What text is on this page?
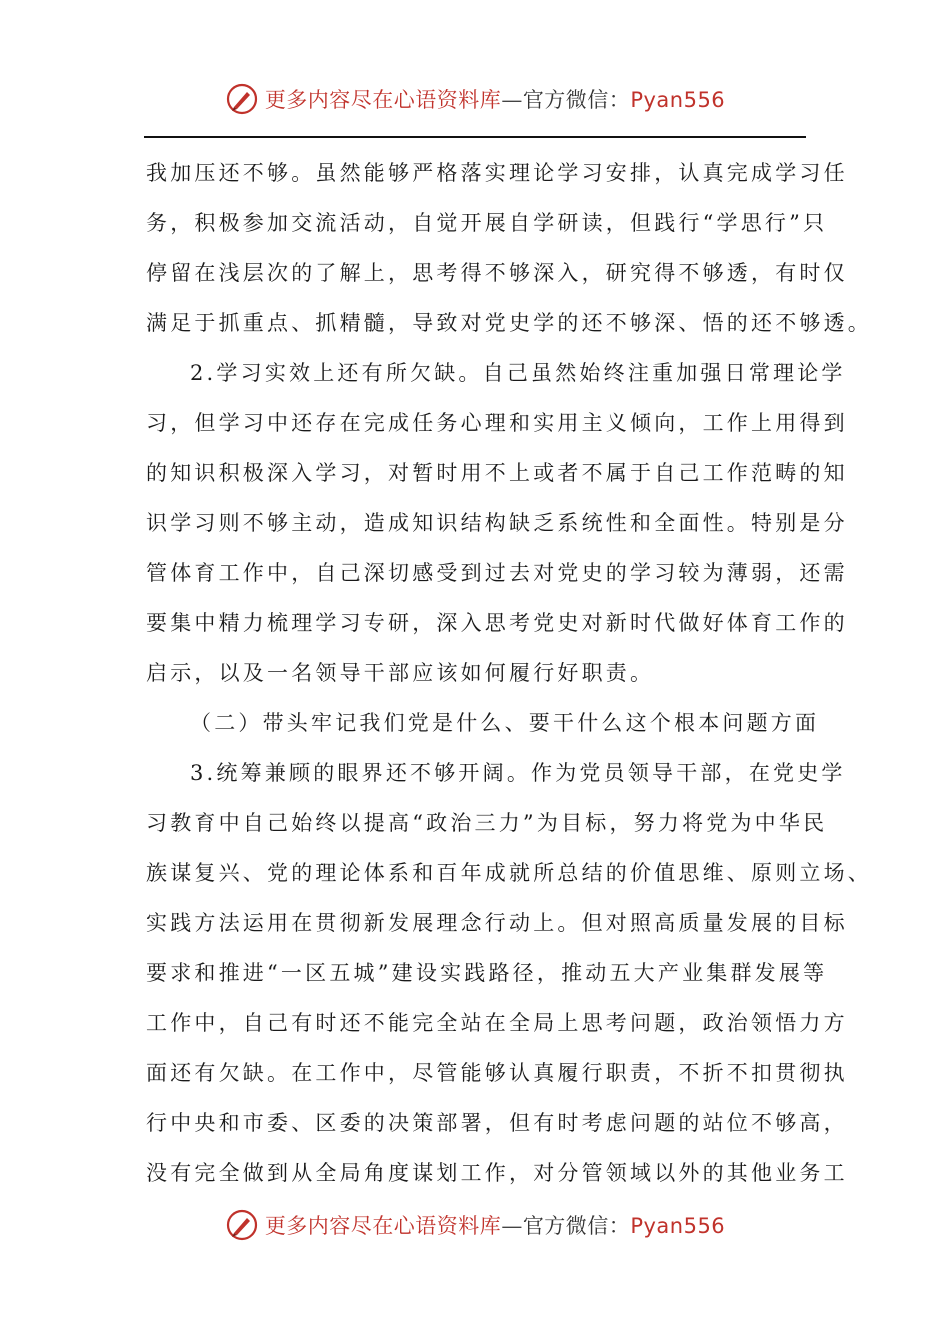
更多内容尽在心语资料库—官方微信：Pyan556
我加压还不够。虽然能够严格落实理论学习安排，认真完成学习任
务，积极参加交流活动，自觉开展自学研读，但践行“学思行”只
停留在浅层次的了解上，思考得不够深入，研究得不够透，有时仅
满足于抓重点、抓精髓，导致对党史学的还不够深、悟的还不够透。
2.学习实效上还有所欠缺。自己虽然始终注重加强日常理论学
习，但学习中还存在完成任务心理和实用主义倾向，工作上用得到
的知识积极深入学习，对暂时用不上或者不属于自己工作范畴的知
识学习则不够主动，造成知识结构缺乏系统性和全面性。特别是分
管体育工作中，自己深切感受到过去对党史的学习较为薄弱，还需
要集中精力梳理学习专研，深入思考党史对新时代做好体育工作的
启示，以及一名领导干部应该如何履行好职责。
（二）带头牢记我们党是什么、要干什么这个根本问题方面
3.统筹兼顾的眼界还不够开阔。作为党员领导干部，在党史学
习教育中自己始终以提高“政治三力”为目标，努力将党为中华民
族谋复兴、党的理论体系和百年成就所总结的价值思维、原则立场、
实践方法运用在贯彻新发展理念行动上。但对照高质量发展的目标
要求和推进“一区五城”建设实践路径，推动五大产业集群发展等
工作中，自己有时还不能完全站在全局上思考问题，政治领悟力方
面还有欠缺。在工作中，尽管能够认真履行职责，不折不扣贯彻执
行中央和市委、区委的决策部署，但有时考虑问题的站位不够高，
没有完全做到从全局角度谋划工作，对分管领域以外的其他业务工
更多内容尽在心语资料库—官方微信：Pyan556
